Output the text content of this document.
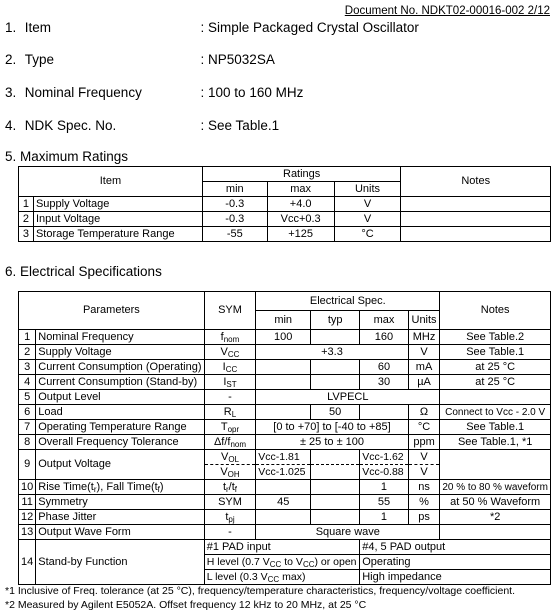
Document No. NDKT02-00016-002 2/12
1. Item	: Simple Packaged Crystal Oscillator
2. Type	: NP5032SA
3. Nominal Frequency	: 100 to 160 MHz
4. NDK Spec. No.	: See Table.1
5. Maximum Ratings
Item		Ratings			Notes
		min	max	Units	
1	Supply Voltage	-0.3	+4.0	V	
2	Input Voltage	-0.3	Vcc+0.3	V	
3	Storage Temperature Range	-55	+125	°C	
6. Electrical Specifications
Parameters		SYM	Electrical Spec.				Notes
			min	typ	max	Units	
1	Nominal Frequency	$f_{nom}$	100		160	MHz	See Table.2
2	Supply Voltage	$V_{CC}$	+3.3			V	See Table.1
3	Current Consumption (Operating)	$I_{CC}$			60	mA	at 25 °C
4	Current Consumption (Stand-by)	$I_{ST}$			30	µA	at 25 °C
5	Output Level	-	LVPECL				
6	Load	$R_L$		50		Ω	Connect to Vcc - 2.0 V
7	Operating Temperature Range	$T_{opr}$	[0 to +70] to [-40 to +85]			°C	See Table.1
8	Overall Frequency Tolerance	$\Delta f/f_{nom}$	± 25 to ± 100			ppm	See Table.1, *1
9	Output Voltage	$V_{OL}$	Vcc-1.81		Vcc-1.62	V	
		$V_{OH}$	Vcc-1.025		Vcc-0.88	V	
10	Rise $Time(t_r)$, Fall $Time(t_f)$	$t_r/t_f$			1	ns	20 % to 80 % waveform
11	Symmetry	SYM	45		55	%	at 50 % Waveform
12	Phase Jitter	$t_{pj}$			1	ps	*2
13	Output Wave Form	-	Square wave				
14	Stand-by Function	#1 PAD input			#4, 5 PAD output		
		H level (0.7 $V_{CC}$ to $V_{CC}$) or open			Operating		
		L level (0.3 $V_{CC}$ max)			High impedance		
*1 Inclusive of Freq. tolerance (at 25 °C), frequency/temperature characteristics, frequency/voltage coefficient.
*2 Measured by Agilent E5052A. Offset frequency 12 kHz to 20 MHz, at 25 °C
